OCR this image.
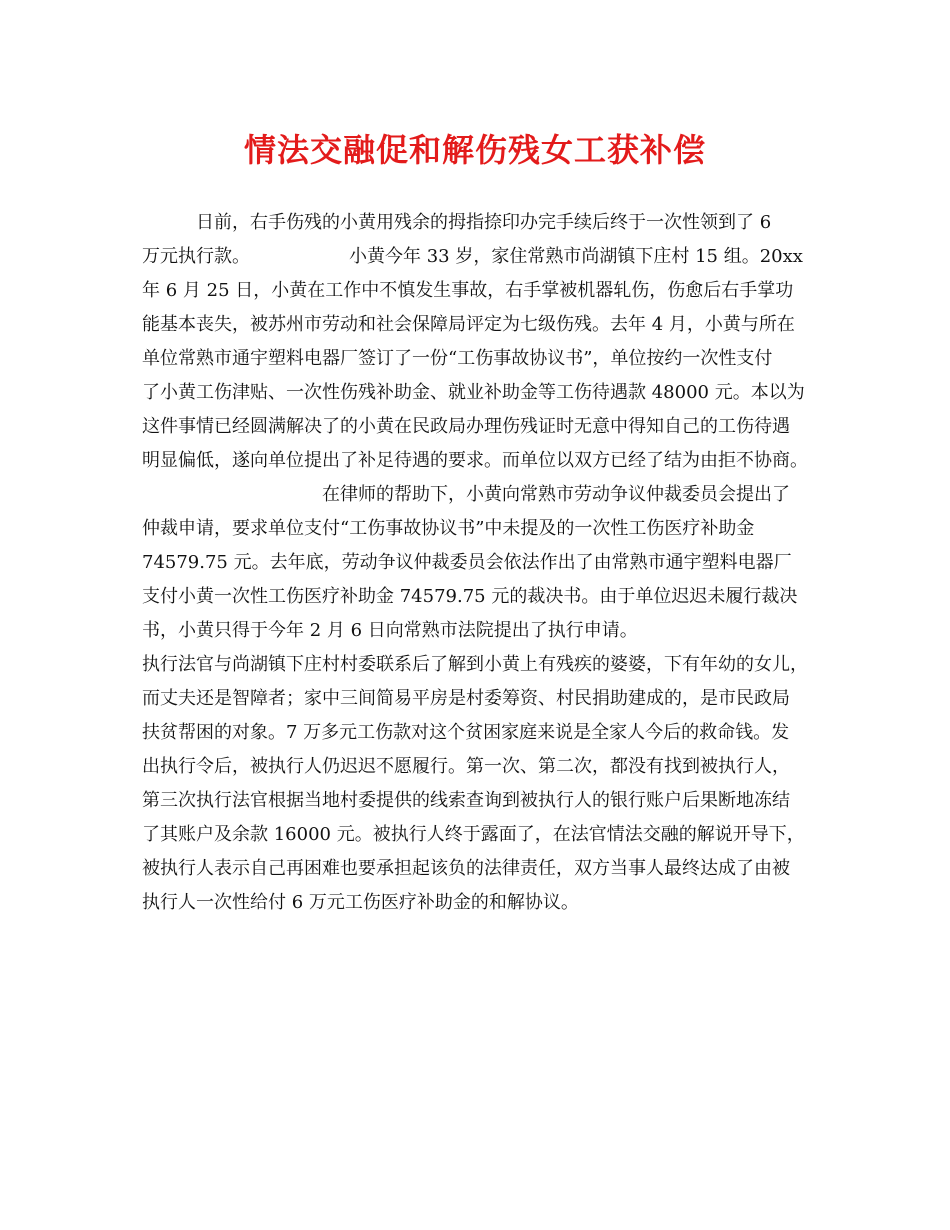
情法交融促和解伤残女工获补偿
　　　日前，右手伤残的小黄用残余的拇指捺印办完手续后终于一次性领到了 6
万元执行款。　　　　　　小黄今年 33 岁，家住常熟市尚湖镇下庄村 15 组。20xx
年 6 月 25 日，小黄在工作中不慎发生事故，右手掌被机器轧伤，伤愈后右手掌功
能基本丧失，被苏州市劳动和社会保障局评定为七级伤残。去年 4 月，小黄与所在
单位常熟市通宇塑料电器厂签订了一份“工伤事故协议书”，单位按约一次性支付
了小黄工伤津贴、一次性伤残补助金、就业补助金等工伤待遇款 48000 元。本以为
这件事情已经圆满解决了的小黄在民政局办理伤残证时无意中得知自己的工伤待遇
明显偏低，遂向单位提出了补足待遇的要求。而单位以双方已经了结为由拒不协商。
　　　　　　　　　　在律师的帮助下，小黄向常熟市劳动争议仲裁委员会提出了
仲裁申请，要求单位支付“工伤事故协议书”中未提及的一次性工伤医疗补助金
74579.75 元。去年底，劳动争议仲裁委员会依法作出了由常熟市通宇塑料电器厂
支付小黄一次性工伤医疗补助金 74579.75 元的裁决书。由于单位迟迟未履行裁决
书，小黄只得于今年 2 月 6 日向常熟市法院提出了执行申请。
执行法官与尚湖镇下庄村村委联系后了解到小黄上有残疾的婆婆，下有年幼的女儿，
而丈夫还是智障者；家中三间简易平房是村委筹资、村民捐助建成的，是市民政局
扶贫帮困的对象。7 万多元工伤款对这个贫困家庭来说是全家人今后的救命钱。发
出执行令后，被执行人仍迟迟不愿履行。第一次、第二次，都没有找到被执行人，
第三次执行法官根据当地村委提供的线索查询到被执行人的银行账户后果断地冻结
了其账户及余款 16000 元。被执行人终于露面了，在法官情法交融的解说开导下，
被执行人表示自己再困难也要承担起该负的法律责任，双方当事人最终达成了由被
执行人一次性给付 6 万元工伤医疗补助金的和解协议。
